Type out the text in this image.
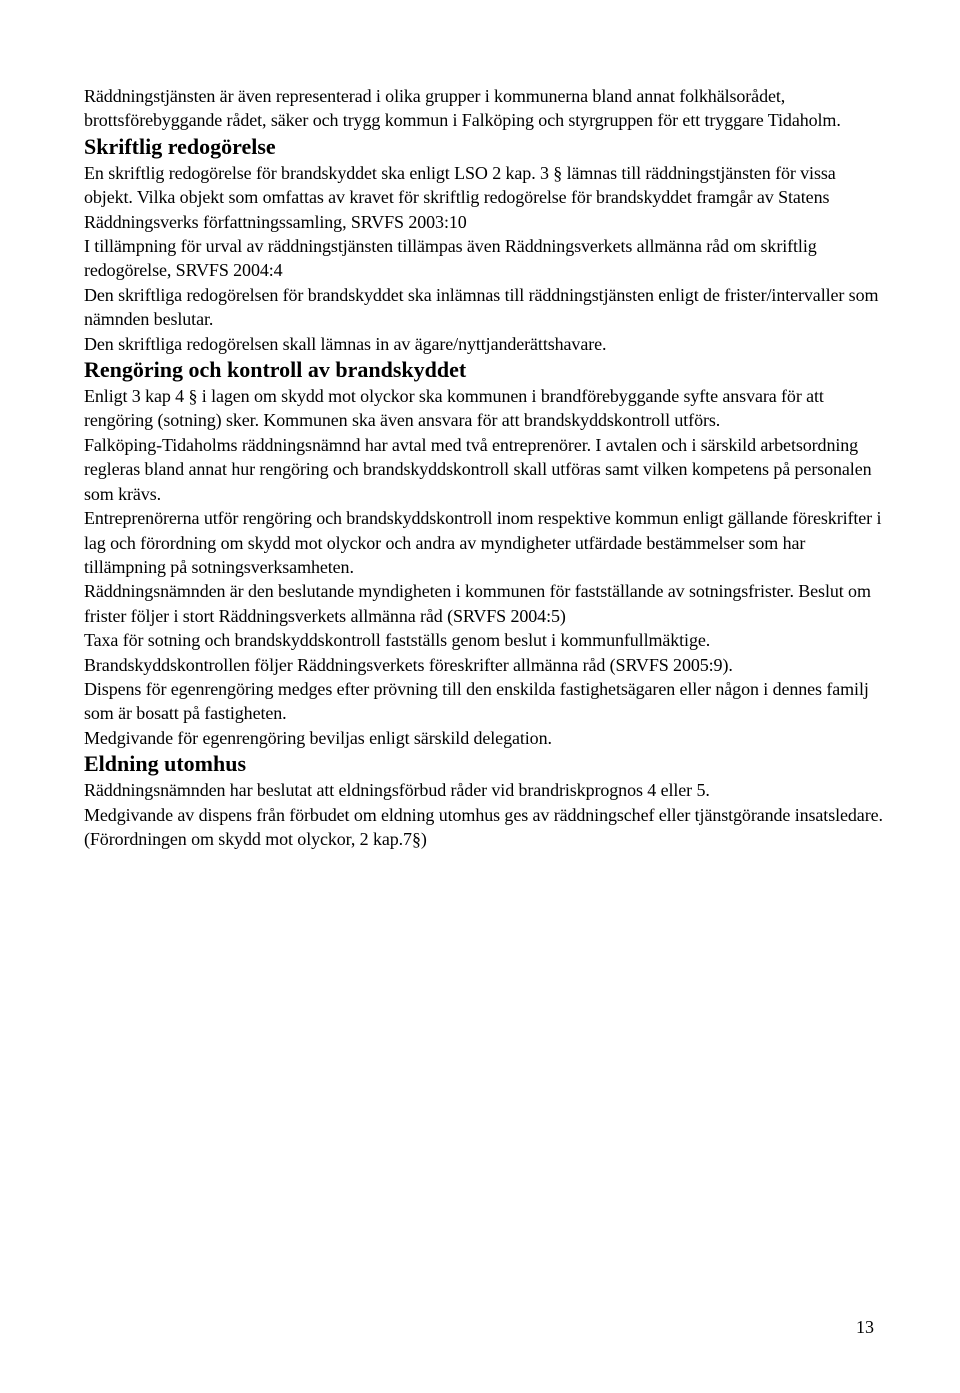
Räddningstjänsten är även representerad i olika grupper i kommunerna bland annat folkhälsorådet, brottsförebyggande rådet, säker och trygg kommun i Falköping och styrgruppen för ett tryggare Tidaholm.

Skriftlig redogörelse

En skriftlig redogörelse för brandskyddet ska enligt LSO 2 kap. 3 § lämnas till räddningstjänsten för vissa objekt. Vilka objekt som omfattas av kravet för skriftlig redogörelse för brandskyddet framgår av Statens Räddningsverks författningssamling, SRVFS 2003:10

I tillämpning för urval av räddningstjänsten tillämpas även Räddningsverkets allmänna råd om skriftlig redogörelse, SRVFS 2004:4

Den skriftliga redogörelsen för brandskyddet ska inlämnas till räddningstjänsten enligt de frister/intervaller som nämnden beslutar.

Den skriftliga redogörelsen skall lämnas in av ägare/nyttjanderättshavare.

Rengöring och kontroll av brandskyddet

Enligt 3 kap 4 § i lagen om skydd mot olyckor ska kommunen i brandförebyggande syfte ansvara för att rengöring (sotning) sker. Kommunen ska även ansvara för att brandskyddskontroll utförs.

Falköping-Tidaholms räddningsnämnd har avtal med två entreprenörer. I avtalen och i särskild arbetsordning regleras bland annat hur rengöring och brandskyddskontroll skall utföras samt vilken kompetens på personalen som krävs.

Entreprenörerna utför rengöring och brandskyddskontroll inom respektive kommun enligt gällande föreskrifter i lag och förordning om skydd mot olyckor och andra av myndigheter utfärdade bestämmelser som har tillämpning på sotningsverksamheten.

Räddningsnämnden är den beslutande myndigheten i kommunen för fastställande av sotningsfrister. Beslut om frister följer i stort Räddningsverkets allmänna råd (SRVFS 2004:5)

Taxa för sotning och brandskyddskontroll fastställs genom beslut i kommunfullmäktige.

Brandskyddskontrollen följer Räddningsverkets föreskrifter allmänna råd (SRVFS 2005:9).

Dispens för egenrengöring medges efter prövning till den enskilda fastighetsägaren eller någon i dennes familj som är bosatt på fastigheten.

Medgivande för egenrengöring beviljas enligt särskild delegation.

Eldning utomhus

Räddningsnämnden har beslutat att eldningsförbud råder vid brandriskprognos 4 eller 5.

Medgivande av dispens från förbudet om eldning utomhus ges av räddningschef eller tjänstgörande insatsledare. (Förordningen om skydd mot olyckor, 2 kap.7§)

13
